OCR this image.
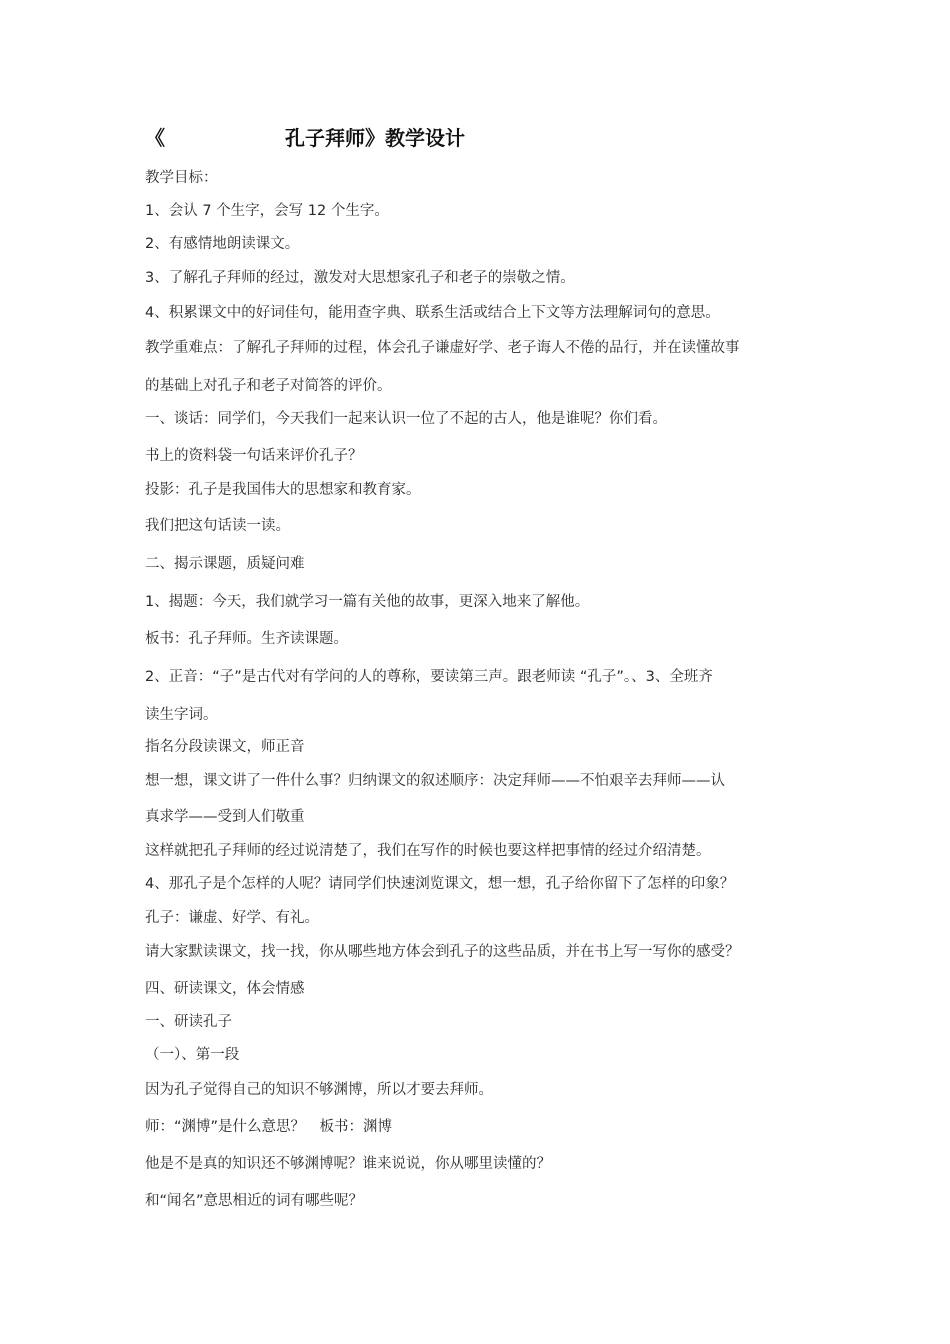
《	孔子拜师》教学设计
教学目标：
1、会认 7 个生字，会写 12 个生字。
2、有感情地朗读课文。
3、了解孔子拜师的经过，激发对大思想家孔子和老子的崇敬之情。
4、积累课文中的好词佳句，能用查字典、联系生活或结合上下文等方法理解词句的意思。
教学重难点：了解孔子拜师的过程，体会孔子谦虚好学、老子诲人不倦的品行，并在读懂故事
的基础上对孔子和老子对简答的评价。
一、谈话：同学们，今天我们一起来认识一位了不起的古人，他是谁呢？你们看。
书上的资料袋一句话来评价孔子？
投影：孔子是我国伟大的思想家和教育家。
我们把这句话读一读。
二、揭示课题，质疑问难
1、揭题：今天，我们就学习一篇有关他的故事，更深入地来了解他。
板书：孔子拜师。生齐读课题。
2、正音：“子”是古代对有学问的人的尊称，要读第三声。跟老师读 “孔子”。、3、全班齐
读生字词。
指名分段读课文，师正音
想一想，课文讲了一件什么事？归纳课文的叙述顺序：决定拜师——不怕艰辛去拜师——认
真求学——受到人们敬重
这样就把孔子拜师的经过说清楚了，我们在写作的时候也要这样把事情的经过介绍清楚。
4、那孔子是个怎样的人呢？请同学们快速浏览课文，想一想，孔子给你留下了怎样的印象？
孔子：谦虚、好学、有礼。
请大家默读课文，找一找，你从哪些地方体会到孔子的这些品质，并在书上写一写你的感受？
四、研读课文，体会情感
一、研读孔子
（一）、第一段
因为孔子觉得自己的知识不够渊博，所以才要去拜师。
师：“渊博”是什么意思？　板书：渊博
他是不是真的知识还不够渊博呢？谁来说说，你从哪里读懂的？
和“闻名”意思相近的词有哪些呢？
